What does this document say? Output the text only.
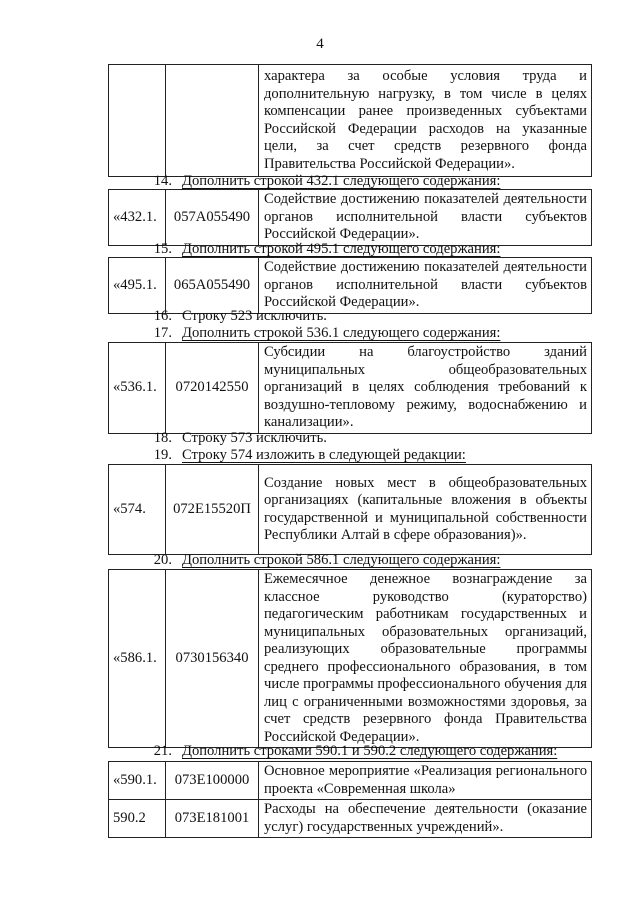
4
		характера за особые условия труда и дополнительную нагрузку, в том числе в целях компенсации ранее произведенных субъектами Российской Федерации расходов на указанные цели, за счет средств резервного фонда Правительства Российской Федерации».
14. Дополнить строкой 432.1 следующего содержания:
«432.1.	057A055490	Содействие достижению показателей деятельности органов исполнительной власти субъектов Российской Федерации».
15. Дополнить строкой 495.1 следующего содержания:
«495.1.	065A055490	Содействие достижению показателей деятельности органов исполнительной власти субъектов Российской Федерации».
16. Строку 523 исключить.
17. Дополнить строкой 536.1 следующего содержания:
«536.1.	0720142550	Субсидии на благоустройство зданий муниципальных общеобразовательных организаций в целях соблюдения требований к воздушно-тепловому режиму, водоснабжению и канализации».
18. Строку 573 исключить.
19. Строку 574 изложить в следующей редакции:
«574.	072E15520П	Создание новых мест в общеобразовательных организациях (капитальные вложения в объекты государственной и муниципальной собственности Республики Алтай в сфере образования)».
20. Дополнить строкой 586.1 следующего содержания:
«586.1.	0730156340	Ежемесячное денежное вознаграждение за классное руководство (кураторство) педагогическим работникам государственных и муниципальных образовательных организаций, реализующих образовательные программы среднего профессионального образования, в том числе программы профессионального обучения для лиц с ограниченными возможностями здоровья, за счет средств резервного фонда Правительства Российской Федерации».
21. Дополнить строками 590.1 и 590.2 следующего содержания:
«590.1.	073E100000	Основное мероприятие «Реализация регионального проекта «Современная школа»
590.2	073E181001	Расходы на обеспечение деятельности (оказание услуг) государственных учреждений».
